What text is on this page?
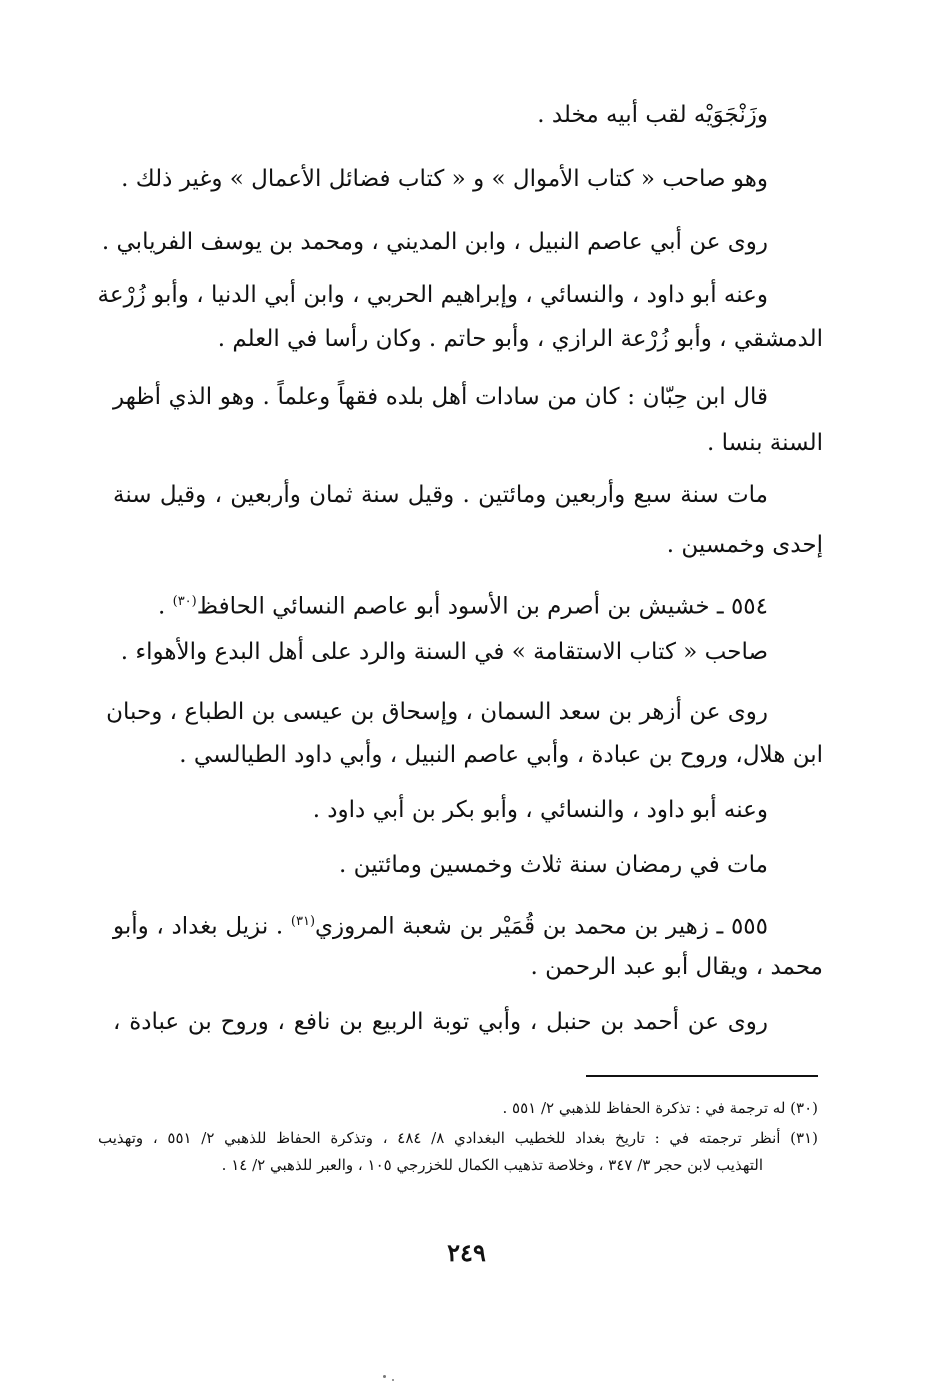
وزَنْجَوَيْه لقب أبيه مخلد .
وهو صاحب « كتاب الأموال » و « كتاب فضائل الأعمال » وغير ذلك .
روى عن أبي عاصم النبيل ، وابن المديني ، ومحمد بن يوسف الفريابي .
وعنه أبو داود ، والنسائي ، وإبراهيم الحربي ، وابن أبي الدنيا ، وأبو زُرْعة
الدمشقي ، وأبو زُرْعة الرازي ، وأبو حاتم . وكان رأسا في العلم .
قال ابن حِبّان : كان من سادات أهل بلده فقهاً وعلماً . وهو الذي أظهر
السنة بنسا .
مات سنة سبع وأربعين ومائتين . وقيل سنة ثمان وأربعين ، وقيل سنة
إحدى وخمسين .
٥٥٤ ـ خشيش بن أصرم بن الأسود أبو عاصم النسائي الحافظ$^{(٣٠)}$ .
صاحب « كتاب الاستقامة » في السنة والرد على أهل البدع والأهواء .
روى عن أزهر بن سعد السمان ، وإسحاق بن عيسى بن الطباع ، وحبان
ابن هلال، وروح بن عبادة ، وأبي عاصم النبيل ، وأبي داود الطيالسي .
وعنه أبو داود ، والنسائي ، وأبو بكر بن أبي داود .
مات في رمضان سنة ثلاث وخمسين ومائتين .
٥٥٥ ـ زهير بن محمد بن قُمَيْر بن شعبة المروزي$^{(٣١)}$ . نزيل بغداد ، وأبو
محمد ، ويقال أبو عبد الرحمن .
روى عن أحمد بن حنبل ، وأبي توبة الربيع بن نافع ، وروح بن عبادة ،
(٣٠) له ترجمة في : تذكرة الحفاظ للذهبي ٢/ ٥٥١ .
(٣١) أنظر ترجمته في : تاريخ بغداد للخطيب البغدادي ٨/ ٤٨٤ ، وتذكرة الحفاظ للذهبي ٢/ ٥٥١ ، وتهذيب
التهذيب لابن حجر ٣/ ٣٤٧ ، وخلاصة تذهيب الكمال للخزرجي ١٠٥ ، والعبر للذهبي ٢/ ١٤ .
٢٤٩
